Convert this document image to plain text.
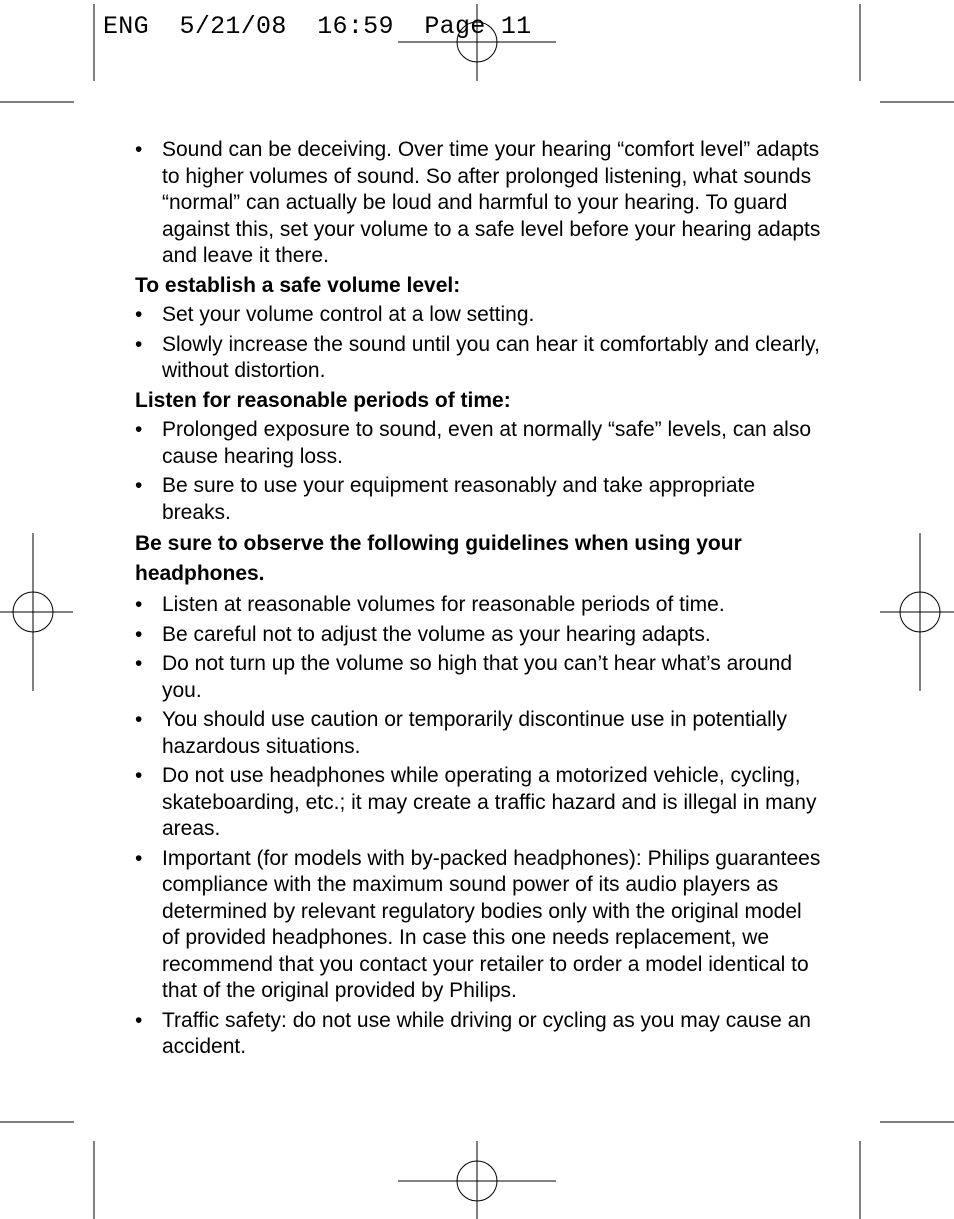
ENG  5/21/08  16:59  Page 11
• Sound can be deceiving. Over time your hearing “comfort level” adapts to higher volumes of sound. So after prolonged listening, what sounds “normal” can actually be loud and harmful to your hearing. To guard against this, set your volume to a safe level before your hearing adapts and leave it there.
To establish a safe volume level:
• Set your volume control at a low setting.
• Slowly increase the sound until you can hear it comfortably and clearly, without distortion.
Listen for reasonable periods of time:
• Prolonged exposure to sound, even at normally “safe” levels, can also cause hearing loss.
• Be sure to use your equipment reasonably and take appropriate breaks.
Be sure to observe the following guidelines when using your headphones.
• Listen at reasonable volumes for reasonable periods of time.
• Be careful not to adjust the volume as your hearing adapts.
• Do not turn up the volume so high that you can’t hear what’s around you.
• You should use caution or temporarily discontinue use in potentially hazardous situations.
• Do not use headphones while operating a motorized vehicle, cycling, skateboarding, etc.; it may create a traffic hazard and is illegal in many areas.
• Important (for models with by-packed headphones): Philips guarantees compliance with the maximum sound power of its audio players as determined by relevant regulatory bodies only with the original model of provided headphones. In case this one needs replacement, we recommend that you contact your retailer to order a model identical to that of the original provided by Philips.
• Traffic safety: do not use while driving or cycling as you may cause an accident.
